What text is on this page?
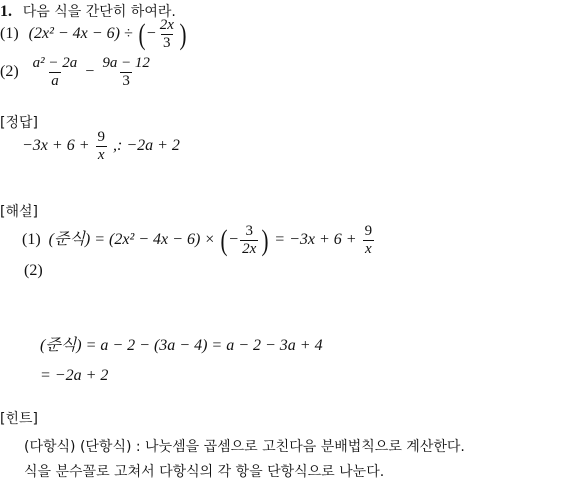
1. 다음 식을 간단히 하여라.
(1) (2x² − 4x − 6) ÷ (− $\frac{2x}{3}$ )
$(2) \frac{\text{a² − 2a}}{a} - \frac{9a - 12}{3}$
[정답]
$-3x + 6 + \frac{9}{x}$ ,: −2a + 2
[해설]
(1) (준식) = (2x² − 4x − 6) × (− $\frac{3}{2x}$ ) = $-3x + 6 + \frac{9}{x}$
(2)
(준식) = a − 2 − (3a − 4) = a − 2 − 3a + 4
= −2a + 2
[힌트]
(다항식) (단항식) : 나눗셈을 곱셈으로 고친다음 분배법칙으로 계산한다.
식을 분수꼴로 고쳐서 다항식의 각 항을 단항식으로 나눈다.
